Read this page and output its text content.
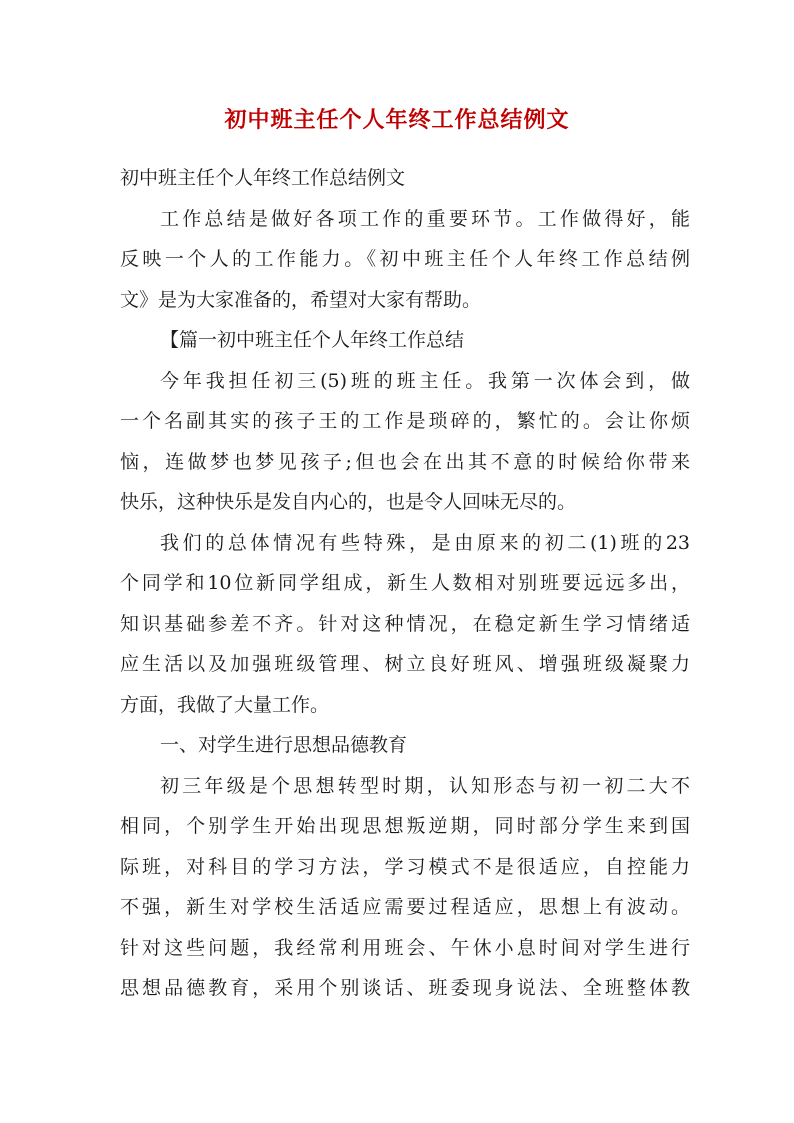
初中班主任个人年终工作总结例文
初中班主任个人年终工作总结例文
工作总结是做好各项工作的重要环节。工作做得好，能
反映一个人的工作能力。《初中班主任个人年终工作总结例
文》是为大家准备的，希望对大家有帮助。
【篇一初中班主任个人年终工作总结
今年我担任初三(5)班的班主任。我第一次体会到，做
一个名副其实的孩子王的工作是琐碎的，繁忙的。会让你烦
恼，连做梦也梦见孩子;但也会在出其不意的时候给你带来
快乐，这种快乐是发自内心的，也是令人回味无尽的。
我们的总体情况有些特殊，是由原来的初二(1)班的23
个同学和10位新同学组成，新生人数相对别班要远远多出，
知识基础参差不齐。针对这种情况，在稳定新生学习情绪适
应生活以及加强班级管理、树立良好班风、增强班级凝聚力
方面，我做了大量工作。
一、对学生进行思想品德教育
初三年级是个思想转型时期，认知形态与初一初二大不
相同，个别学生开始出现思想叛逆期，同时部分学生来到国
际班，对科目的学习方法，学习模式不是很适应，自控能力
不强，新生对学校生活适应需要过程适应，思想上有波动。
针对这些问题，我经常利用班会、午休小息时间对学生进行
思想品德教育，采用个别谈话、班委现身说法、全班整体教
